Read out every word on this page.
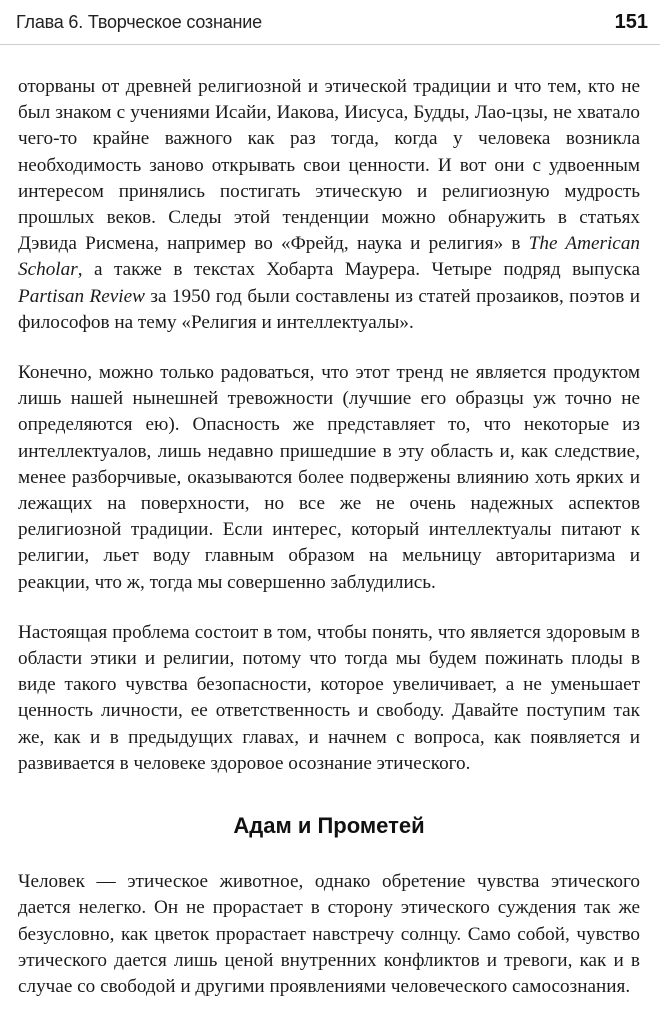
Глава 6. Творческое сознание	151

оторваны от древней религиозной и этической традиции и что тем, кто не был знаком с учениями Исайи, Иакова, Иисуса, Будды, Лао-цзы, не хватало чего-то крайне важного как раз тогда, когда у человека возникла необходимость заново открывать свои ценности. И вот они с удвоенным интересом принялись постигать этическую и религиозную мудрость прошлых веков. Следы этой тенденции можно обнаружить в статьях Дэвида Рисмена, например во «Фрейд, наука и религия» в The American Scholar, а также в текстах Хобарта Маурера. Четыре подряд выпуска Partisan Review за 1950 год были составлены из статей прозаиков, поэтов и философов на тему «Религия и интеллектуалы».

Конечно, можно только радоваться, что этот тренд не является продуктом лишь нашей нынешней тревожности (лучшие его образцы уж точно не определяются ею). Опасность же представляет то, что некоторые из интеллектуалов, лишь недавно пришедшие в эту область и, как следствие, менее разборчивые, оказываются более подвержены влиянию хоть ярких и лежащих на поверхности, но все же не очень надежных аспектов религиозной традиции. Если интерес, который интеллектуалы питают к религии, льет воду главным образом на мельницу авторитаризма и реакции, что ж, тогда мы совершенно заблудились.

Настоящая проблема состоит в том, чтобы понять, что является здоровым в области этики и религии, потому что тогда мы будем пожинать плоды в виде такого чувства безопасности, которое увеличивает, а не уменьшает ценность личности, ее ответственность и свободу. Давайте поступим так же, как и в предыдущих главах, и начнем с вопроса, как появляется и развивается в человеке здоровое осознание этического.

Адам и Прометей

Человек — этическое животное, однако обретение чувства этического дается нелегко. Он не прорастает в сторону этического суждения так же безусловно, как цветок прорастает навстречу солнцу. Само собой, чувство этического дается лишь ценой внутренних конфликтов и тревоги, как и в случае со свободой и другими проявлениями человеческого самосознания.
